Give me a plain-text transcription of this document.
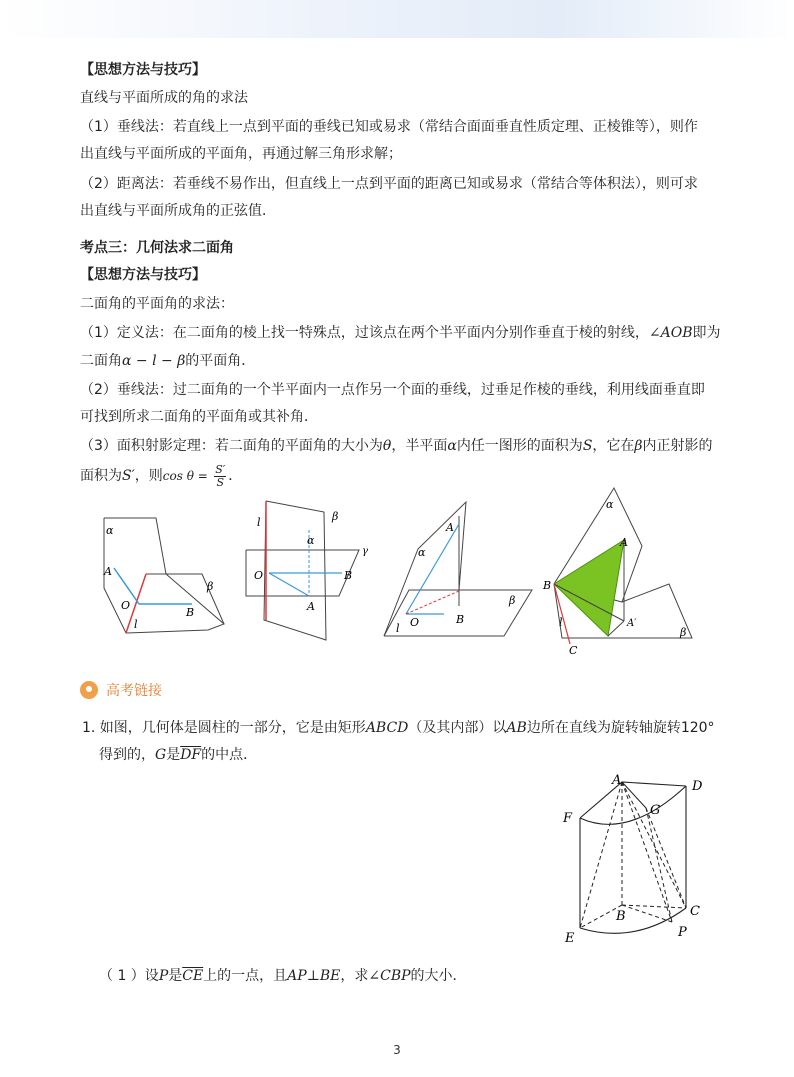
【思想方法与技巧】
直线与平面所成的角的求法
（1）垂线法：若直线上一点到平面的垂线已知或易求（常结合面面垂直性质定理、正棱锥等），则作
出直线与平面所成的平面角，再通过解三角形求解；
（2）距离法：若垂线不易作出，但直线上一点到平面的距离已知或易求（常结合等体积法），则可求
出直线与平面所成角的正弦值．
考点三：几何法求二面角
【思想方法与技巧】
二面角的平面角的求法：
（1）定义法：在二面角的棱上找一特殊点，过该点在两个半平面内分别作垂直于棱的射线，∠AOB即为
二面角α − l − β的平面角．
（2）垂线法：过二面角的一个半平面内一点作另一个面的垂线，过垂足作棱的垂线，利用线面垂直即
可找到所求二面角的平面角或其补角．
（3）面积射影定理：若二面角的平面角的大小为θ，半平面α内任一图形的面积为S，它在β内正射影的
面积为S′，则$\cos \theta = \frac{S'}{S}$ ．
α
A
O
B
β
l
l	β
α
γ
O	B
A
α
A
O	B
β
l
α
A
B
l	A′
β
C
高考链接
1. 如图，几何体是圆柱的一部分，它是由矩形ABCD（及其内部）以AB边所在直线为旋转轴旋转120°
得到的，G是$\overline{DF}$的中点．
A	D
F
G
B	C
E	P
（ 1 ）设P是$\overline{CE}$上的一点，且AP⊥BE，求∠CBP的大小．
3
